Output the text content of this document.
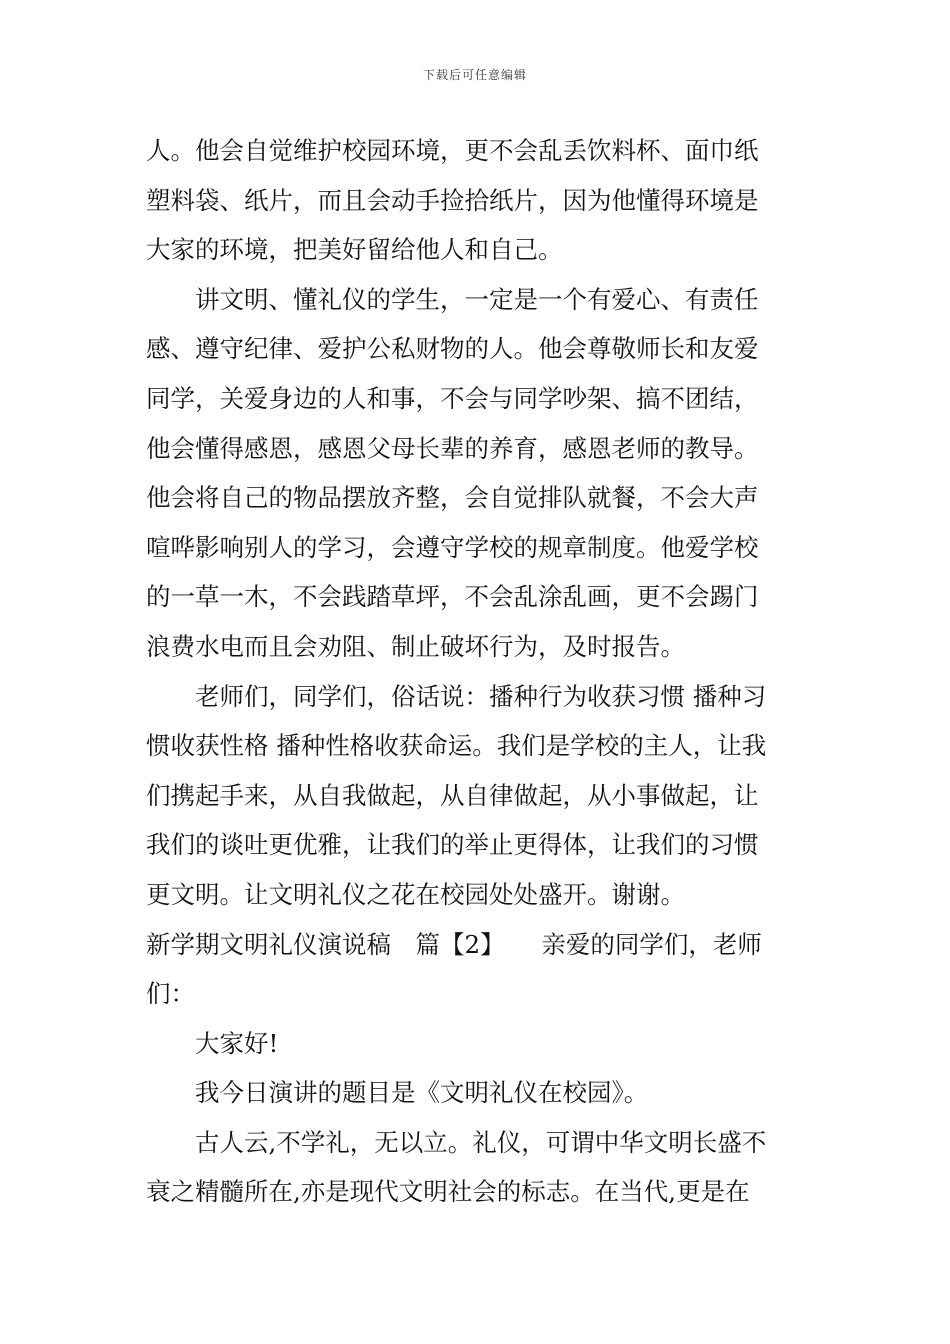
下载后可任意编辑
人。他会自觉维护校园环境，更不会乱丢饮料杯、面巾纸
塑料袋、纸片，而且会动手捡拾纸片，因为他懂得环境是
大家的环境，把美好留给他人和自己。
讲文明、懂礼仪的学生，一定是一个有爱心、有责任
感、遵守纪律、爱护公私财物的人。他会尊敬师长和友爱
同学，关爱身边的人和事，不会与同学吵架、搞不团结，
他会懂得感恩，感恩父母长辈的养育，感恩老师的教导。
他会将自己的物品摆放齐整，会自觉排队就餐，不会大声
喧哗影响别人的学习，会遵守学校的规章制度。他爱学校
的一草一木，不会践踏草坪，不会乱涂乱画，更不会踢门
浪费水电而且会劝阻、制止破坏行为，及时报告。
老师们，同学们，俗话说：播种行为收获习惯 播种习
惯收获性格 播种性格收获命运。我们是学校的主人，让我
们携起手来，从自我做起，从自律做起，从小事做起，让
我们的谈吐更优雅，让我们的举止更得体，让我们的习惯
更文明。让文明礼仪之花在校园处处盛开。谢谢。
新学期文明礼仪演说稿　篇【2】　　亲爱的同学们，老师
们：
大家好!
我今日演讲的题目是《文明礼仪在校园》。
古人云,不学礼，无以立。礼仪，可谓中华文明长盛不
衰之精髓所在,亦是现代文明社会的标志。在当代,更是在
